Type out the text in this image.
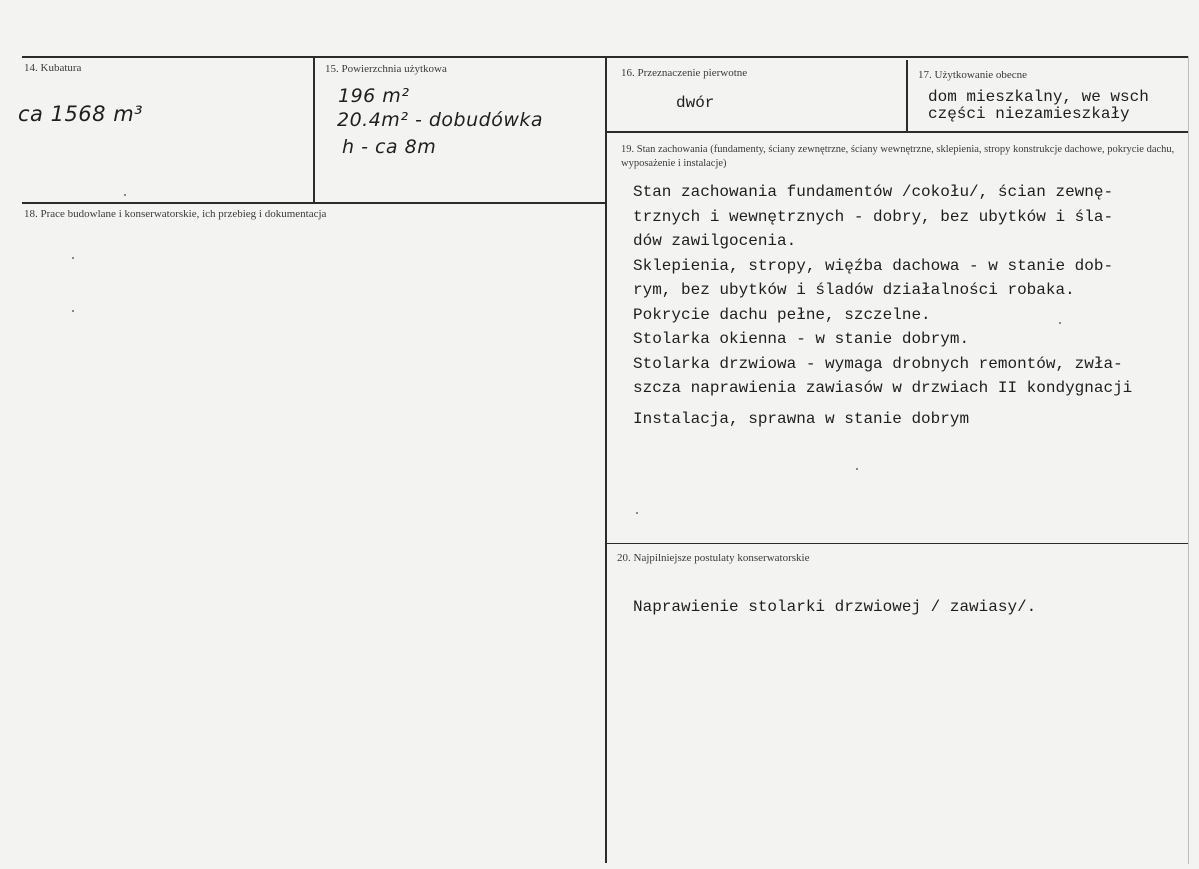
14. Kubatura
ca 1568 m³
15. Powierzchnia użytkowa
196 m²
20.4m² - dobudówka
h - ca 8m
16. Przeznaczenie pierwotne
dwór
17. Użytkowanie obecne
dom mieszkalny, we wsch
części niezamieszkały
18. Prace budowlane i konserwatorskie, ich przebieg i dokumentacja
19. Stan zachowania (fundamenty, ściany zewnętrzne, ściany wewnętrzne, sklepienia, stropy konstrukcje dachowe, pokrycie dachu, wyposażenie i instalacje)
Stan zachowania fundamentów /cokołu/, ścian zewnę-
trznych i wewnętrznych - dobry, bez ubytków i śla-
dów zawilgocenia.
Sklepienia, stropy, więźba dachowa - w stanie dob-
rym, bez ubytków i śladów działalności robaka.
Pokrycie dachu pełne, szczelne.
Stolarka okienna - w stanie dobrym.
Stolarka drzwiowa - wymaga drobnych remontów, zwła-
szcza naprawienia zawiasów w drzwiach II kondygnacji
Instalacja, sprawna w stanie dobrym
20. Najpilniejsze postulaty konserwatorskie
Naprawienie stolarki drzwiowej / zawiasy/.
